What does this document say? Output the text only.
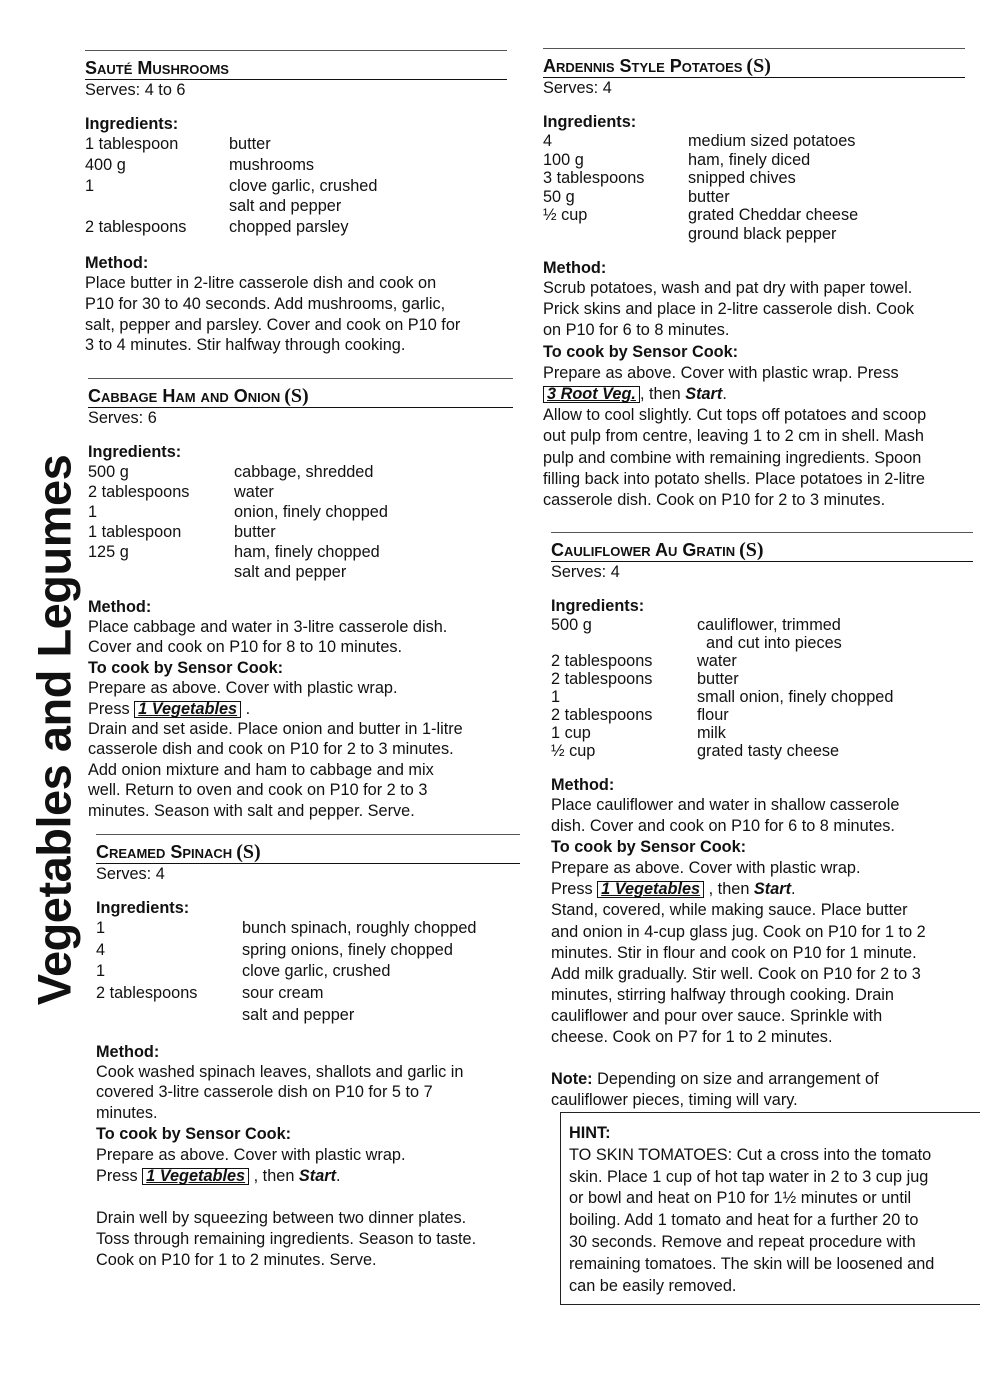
Vegetables and Legumes
Sauté Mushrooms
Serves: 4 to 6
Ingredients:
1 tablespoon	butter
400 g	mushrooms
1	clove garlic, crushed
salt and pepper
2 tablespoons	chopped parsley
Method:
Place butter in 2-litre casserole dish and cook on
P10 for 30 to 40 seconds. Add mushrooms, garlic,
salt, pepper and parsley. Cover and cook on P10 for
3 to 4 minutes. Stir halfway through cooking.
Cabbage Ham and Onion (S)
Serves: 6
Ingredients:
500 g	cabbage, shredded
2 tablespoons	water
1	onion, finely chopped
1 tablespoon	butter
125 g	ham, finely chopped
salt and pepper
Method:
Place cabbage and water in 3-litre casserole dish.
Cover and cook on P10 for 8 to 10 minutes.
To cook by Sensor Cook:
Prepare as above. Cover with plastic wrap.
Press 1 Vegetables .
Drain and set aside. Place onion and butter in 1-litre
casserole dish and cook on P10 for 2 to 3 minutes.
Add onion mixture and ham to cabbage and mix
well. Return to oven and cook on P10 for 2 to 3
minutes. Season with salt and pepper. Serve.
Creamed Spinach (S)
Serves: 4
Ingredients:
1	bunch spinach, roughly chopped
4	spring onions, finely chopped
1	clove garlic, crushed
2 tablespoons	sour cream
salt and pepper
Method:
Cook washed spinach leaves, shallots and garlic in
covered 3-litre casserole dish on P10 for 5 to 7
minutes.
To cook by Sensor Cook:
Prepare as above. Cover with plastic wrap.
Press 1 Vegetables , then Start.

Drain well by squeezing between two dinner plates.
Toss through remaining ingredients. Season to taste.
Cook on P10 for 1 to 2 minutes. Serve.
Ardennis Style Potatoes (S)
Serves: 4
Ingredients:
4	medium sized potatoes
100 g	ham, finely diced
3 tablespoons	snipped chives
50 g	butter
½ cup	grated Cheddar cheese
ground black pepper
Method:
Scrub potatoes, wash and pat dry with paper towel.
Prick skins and place in 2-litre casserole dish. Cook
on P10 for 6 to 8 minutes.
To cook by Sensor Cook:
Prepare as above. Cover with plastic wrap. Press
3 Root Veg. , then Start.
Allow to cool slightly. Cut tops off potatoes and scoop
out pulp from centre, leaving 1 to 2 cm in shell. Mash
pulp and combine with remaining ingredients. Spoon
filling back into potato shells. Place potatoes in 2-litre
casserole dish. Cook on P10 for 2 to 3 minutes.
Cauliflower Au Gratin (S)
Serves: 4
Ingredients:
500 g	cauliflower, trimmed
and cut into pieces
2 tablespoons	water
2 tablespoons	butter
1	small onion, finely chopped
2 tablespoons	flour
1 cup	milk
½ cup	grated tasty cheese
Method:
Place cauliflower and water in shallow casserole
dish. Cover and cook on P10 for 6 to 8 minutes.
To cook by Sensor Cook:
Prepare as above. Cover with plastic wrap.
Press 1 Vegetables , then Start.
Stand, covered, while making sauce. Place butter
and onion in 4-cup glass jug. Cook on P10 for 1 to 2
minutes. Stir in flour and cook on P10 for 1 minute.
Add milk gradually. Stir well. Cook on P10 for 2 to 3
minutes, stirring halfway through cooking. Drain
cauliflower and pour over sauce. Sprinkle with
cheese. Cook on P7 for 1 to 2 minutes.

Note: Depending on size and arrangement of
cauliflower pieces, timing will vary.
HINT:
TO SKIN TOMATOES: Cut a cross into the tomato
skin. Place 1 cup of hot tap water in 2 to 3 cup jug
or bowl and heat on P10 for 1½ minutes or until
boiling. Add 1 tomato and heat for a further 20 to
30 seconds. Remove and repeat procedure with
remaining tomatoes. The skin will be loosened and
can be easily removed.
